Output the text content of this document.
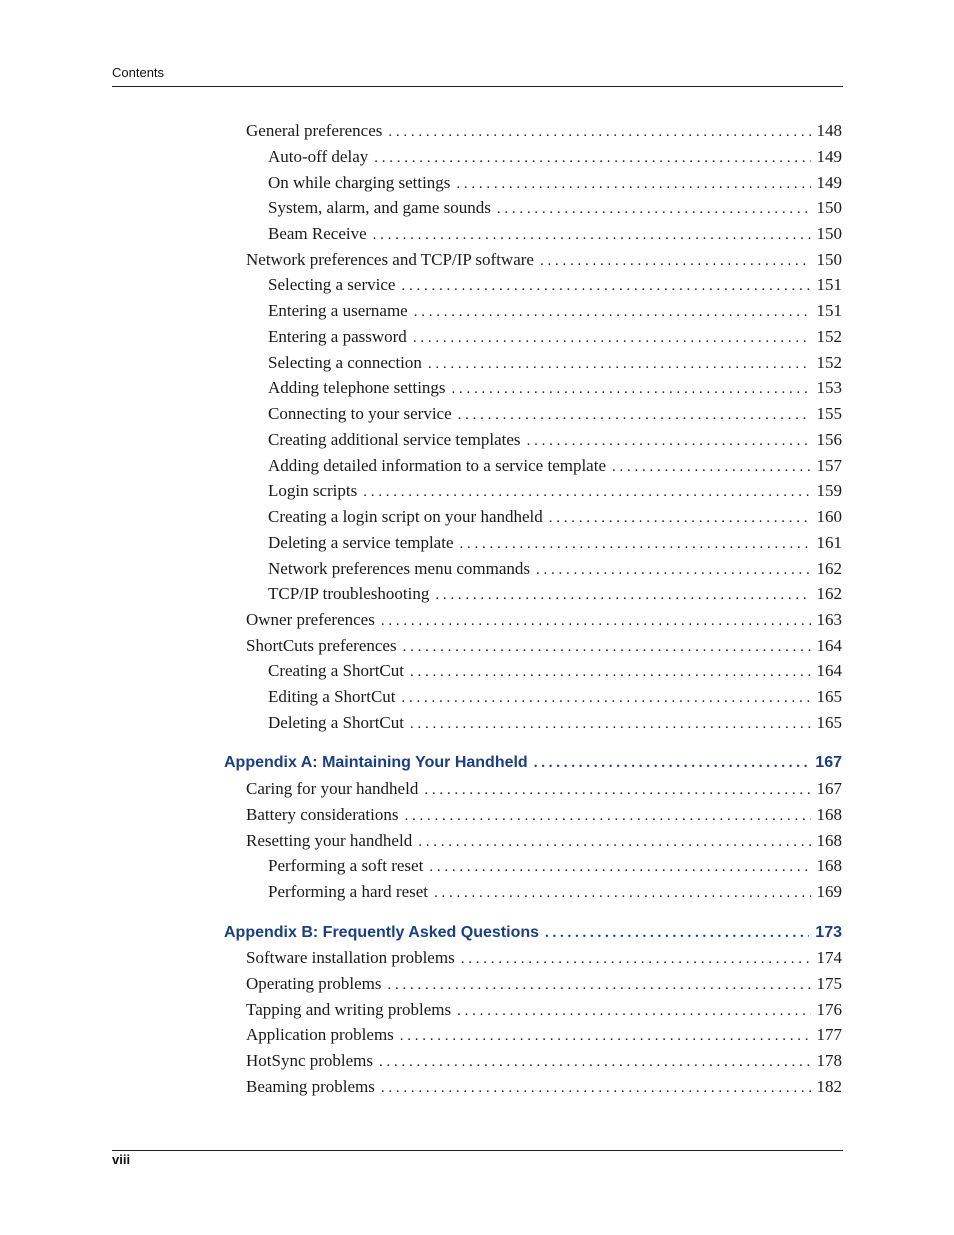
Contents
General preferences . . .	148
Auto-off delay . . .	149
On while charging settings . . .	149
System, alarm, and game sounds . . .	150
Beam Receive . . .	150
Network preferences and TCP/IP software . . .	150
Selecting a service . . .	151
Entering a username . . .	151
Entering a password . . .	152
Selecting a connection . . .	152
Adding telephone settings . . .	153
Connecting to your service . . .	155
Creating additional service templates . . .	156
Adding detailed information to a service template . . .	157
Login scripts . . .	159
Creating a login script on your handheld . . .	160
Deleting a service template . . .	161
Network preferences menu commands . . .	162
TCP/IP troubleshooting . . .	162
Owner preferences . . .	163
ShortCuts preferences . . .	164
Creating a ShortCut . . .	164
Editing a ShortCut . . .	165
Deleting a ShortCut . . .	165
Appendix A: Maintaining Your Handheld . . .	167
Caring for your handheld . . .	167
Battery considerations . . .	168
Resetting your handheld . . .	168
Performing a soft reset . . .	168
Performing a hard reset . . .	169
Appendix B: Frequently Asked Questions . . .	173
Software installation problems . . .	174
Operating problems . . .	175
Tapping and writing problems . . .	176
Application problems . . .	177
HotSync problems . . .	178
Beaming problems . . .	182
viii
